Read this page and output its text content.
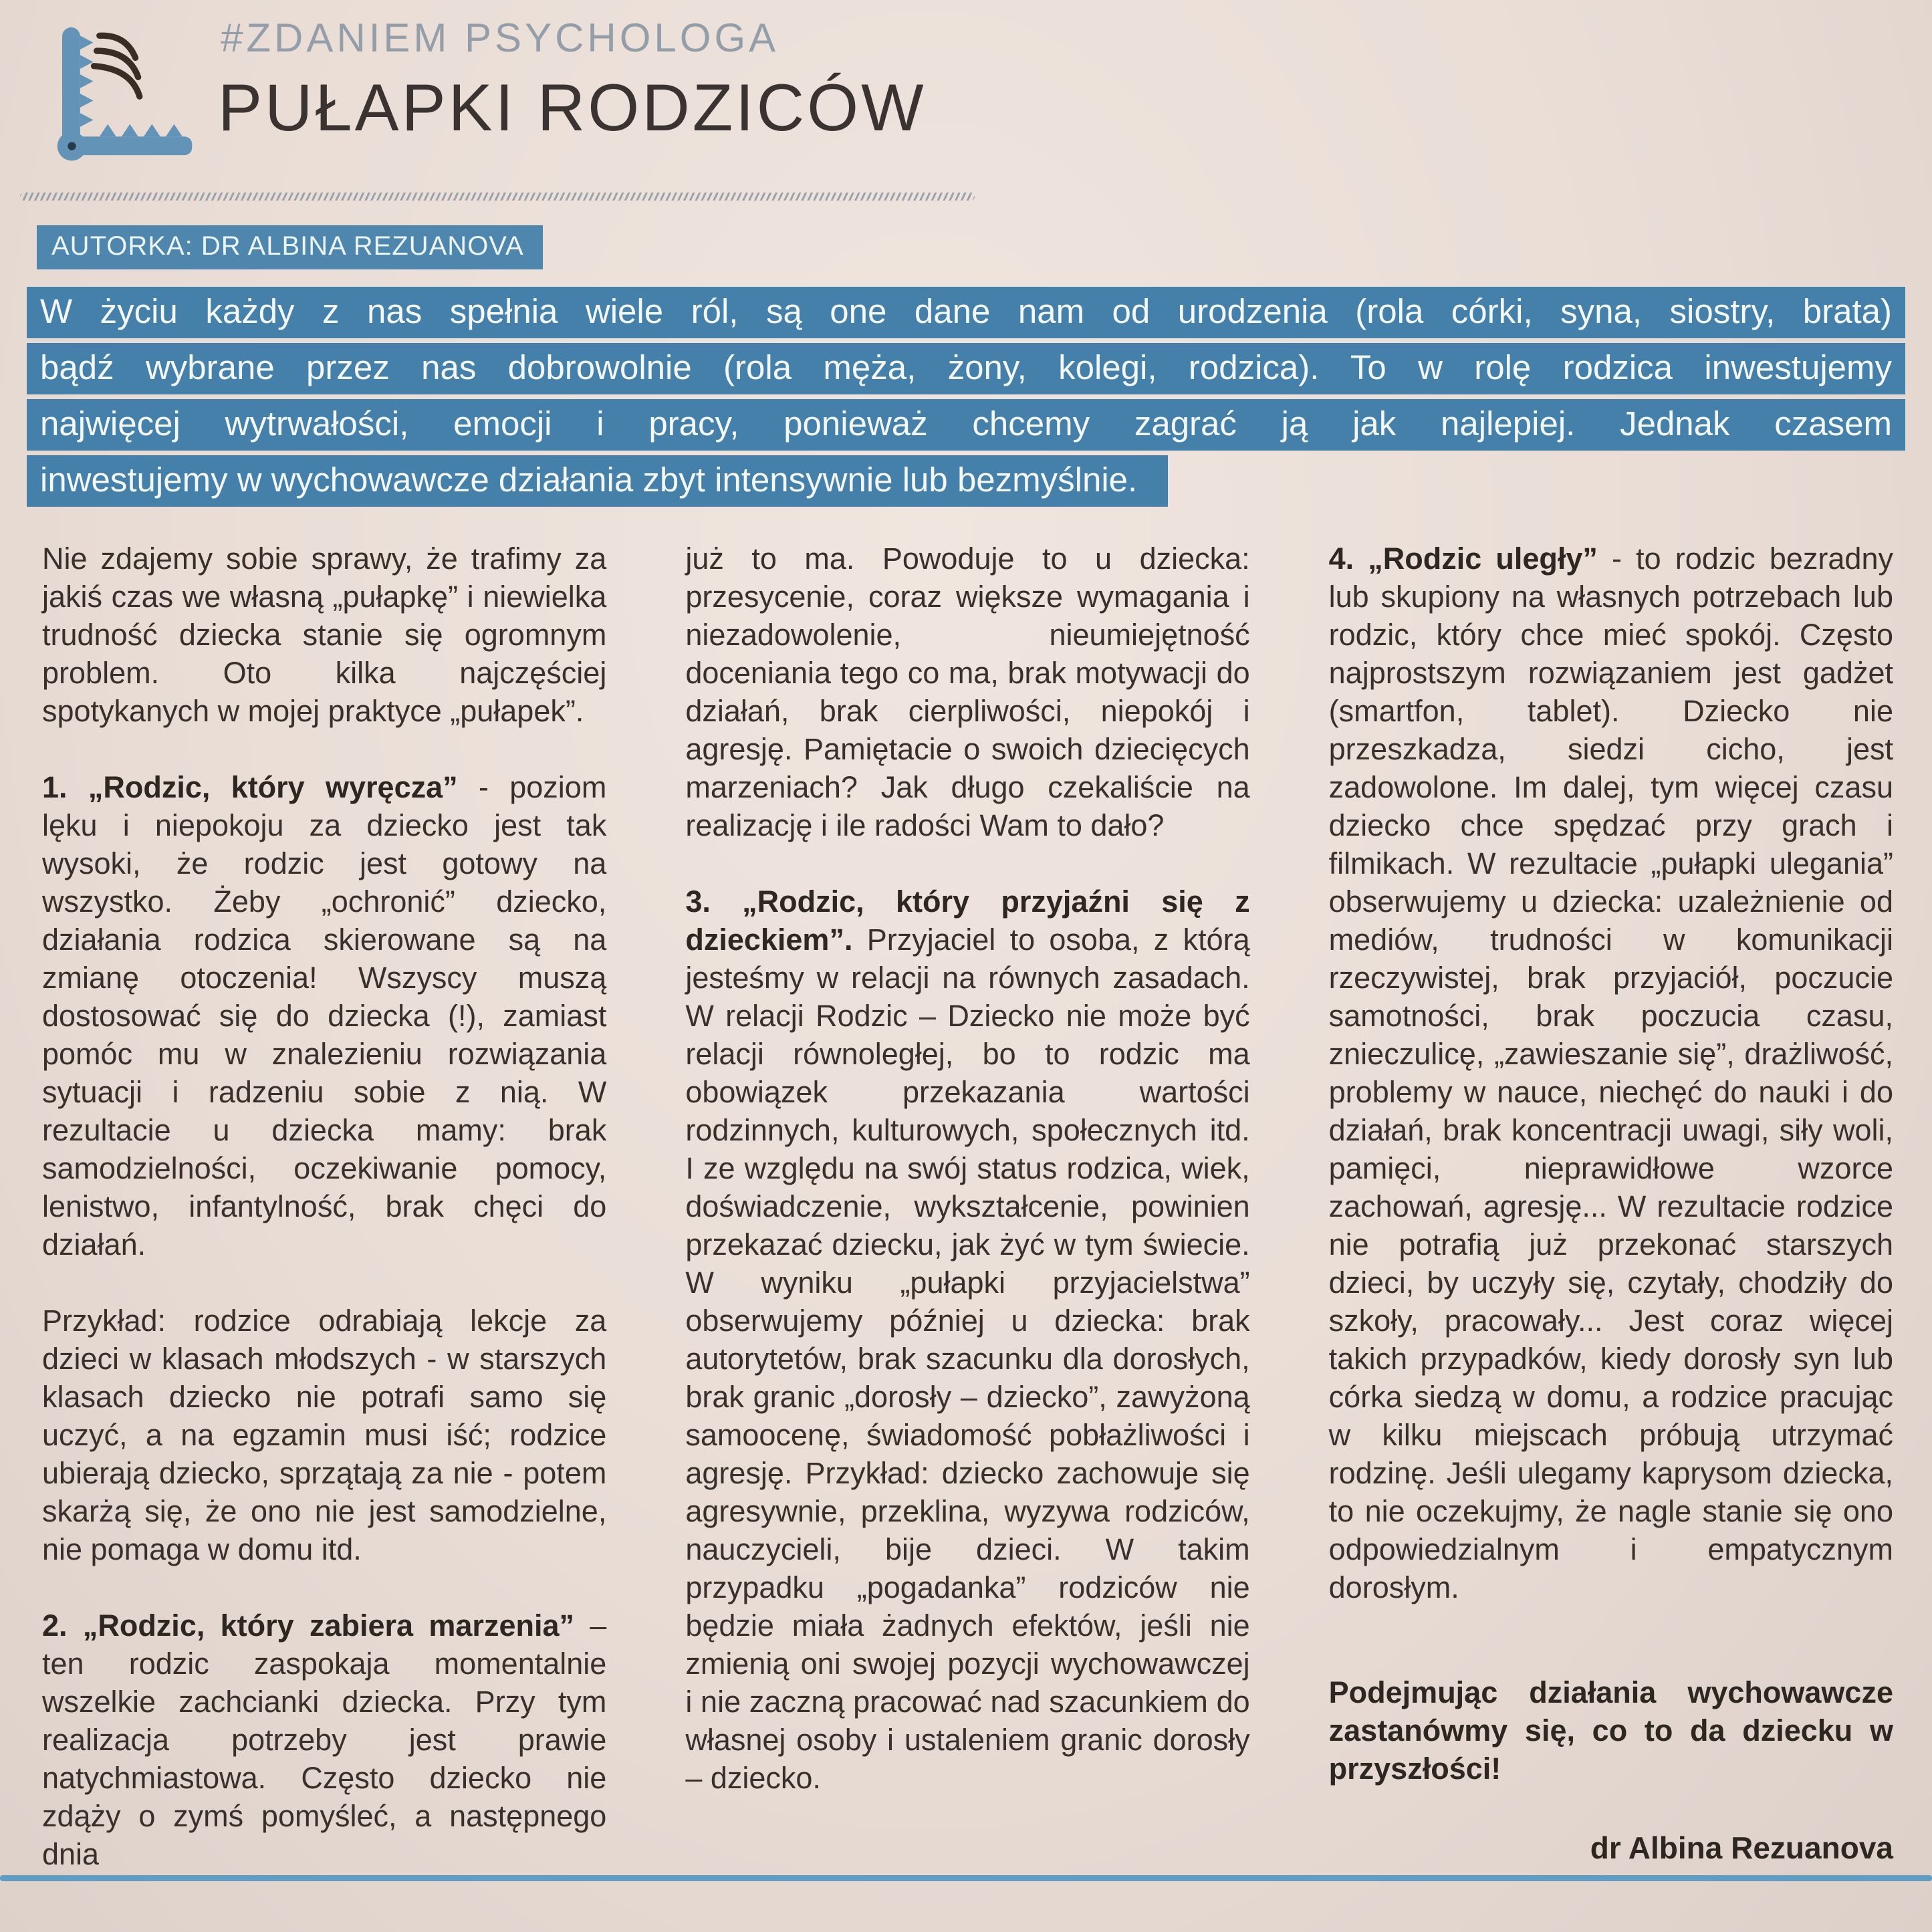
#ZDANIEM PSYCHOLOGA
PUŁAPKI RODZICÓW
AUTORKA: DR ALBINA REZUANOVA
W życiu każdy z nas spełnia wiele ról, są one dane nam od urodzenia (rola córki, syna, siostry, brata)
bądź wybrane przez nas dobrowolnie (rola męża, żony, kolegi, rodzica). To w rolę rodzica inwestujemy
najwięcej wytrwałości, emocji i pracy, ponieważ chcemy zagrać ją jak najlepiej. Jednak czasem
inwestujemy w wychowawcze działania zbyt intensywnie lub bezmyślnie.

Nie zdajemy sobie sprawy, że trafimy za jakiś czas we własną „pułapkę” i niewielka trudność dziecka stanie się ogromnym problem. Oto kilka najczęściej spotykanych w mojej praktyce „pułapek”.

1. „Rodzic, który wyręcza” - poziom lęku i niepokoju za dziecko jest tak wysoki, że rodzic jest gotowy na wszystko. Żeby „ochronić” dziecko, działania rodzica skierowane są na zmianę otoczenia! Wszyscy muszą dostosować się do dziecka (!), zamiast pomóc mu w znalezieniu rozwiązania sytuacji i radzeniu sobie z nią. W rezultacie u dziecka mamy: brak samodzielności, oczekiwanie pomocy, lenistwo, infantylność, brak chęci do działań.

Przykład: rodzice odrabiają lekcje za dzieci w klasach młodszych - w starszych klasach dziecko nie potrafi samo się uczyć, a na egzamin musi iść; rodzice ubierają dziecko, sprzątają za nie - potem skarżą się, że ono nie jest samodzielne, nie pomaga w domu itd.

2. „Rodzic, który zabiera marzenia” – ten rodzic zaspokaja momentalnie wszelkie zachcianki dziecka. Przy tym realizacja potrzeby jest prawie natychmiastowa. Często dziecko nie zdąży o zymś pomyśleć, a następnego dnia

już to ma. Powoduje to u dziecka: przesycenie, coraz większe wymagania i niezadowolenie, nieumiejętność doceniania tego co ma, brak motywacji do działań, brak cierpliwości, niepokój i agresję. Pamiętacie o swoich dziecięcych marzeniach? Jak długo czekaliście na realizację i ile radości Wam to dało?

3. „Rodzic, który przyjaźni się z dzieckiem”. Przyjaciel to osoba, z którą jesteśmy w relacji na równych zasadach. W relacji Rodzic – Dziecko nie może być relacji równoległej, bo to rodzic ma obowiązek przekazania wartości rodzinnych, kulturowych, społecznych itd. I ze względu na swój status rodzica, wiek, doświadczenie, wykształcenie, powinien przekazać dziecku, jak żyć w tym świecie. W wyniku „pułapki przyjacielstwa” obserwujemy później u dziecka: brak autorytetów, brak szacunku dla dorosłych, brak granic „dorosły – dziecko”, zawyżoną samoocenę, świadomość pobłażliwości i agresję. Przykład: dziecko zachowuje się agresywnie, przeklina, wyzywa rodziców, nauczycieli, bije dzieci. W takim przypadku „pogadanka” rodziców nie będzie miała żadnych efektów, jeśli nie zmienią oni swojej pozycji wychowawczej i nie zaczną pracować nad szacunkiem do własnej osoby i ustaleniem granic dorosły – dziecko.

4. „Rodzic uległy” - to rodzic bezradny lub skupiony na własnych potrzebach lub rodzic, który chce mieć spokój. Często najprostszym rozwiązaniem jest gadżet (smartfon, tablet). Dziecko nie przeszkadza, siedzi cicho, jest zadowolone. Im dalej, tym więcej czasu dziecko chce spędzać przy grach i filmikach. W rezultacie „pułapki ulegania” obserwujemy u dziecka: uzależnienie od mediów, trudności w komunikacji rzeczywistej, brak przyjaciół, poczucie samotności, brak poczucia czasu, znieczulicę, „zawieszanie się”, drażliwość, problemy w nauce, niechęć do nauki i do działań, brak koncentracji uwagi, siły woli, pamięci, nieprawidłowe wzorce zachowań, agresję... W rezultacie rodzice nie potrafią już przekonać starszych dzieci, by uczyły się, czytały, chodziły do szkoły, pracowały... Jest coraz więcej takich przypadków, kiedy dorosły syn lub córka siedzą w domu, a rodzice pracując w kilku miejscach próbują utrzymać rodzinę. Jeśli ulegamy kaprysom dziecka, to nie oczekujmy, że nagle stanie się ono odpowiedzialnym i empatycznym dorosłym.

Podejmując działania wychowawcze zastanówmy się, co to da dziecku w przyszłości!

dr Albina Rezuanova
